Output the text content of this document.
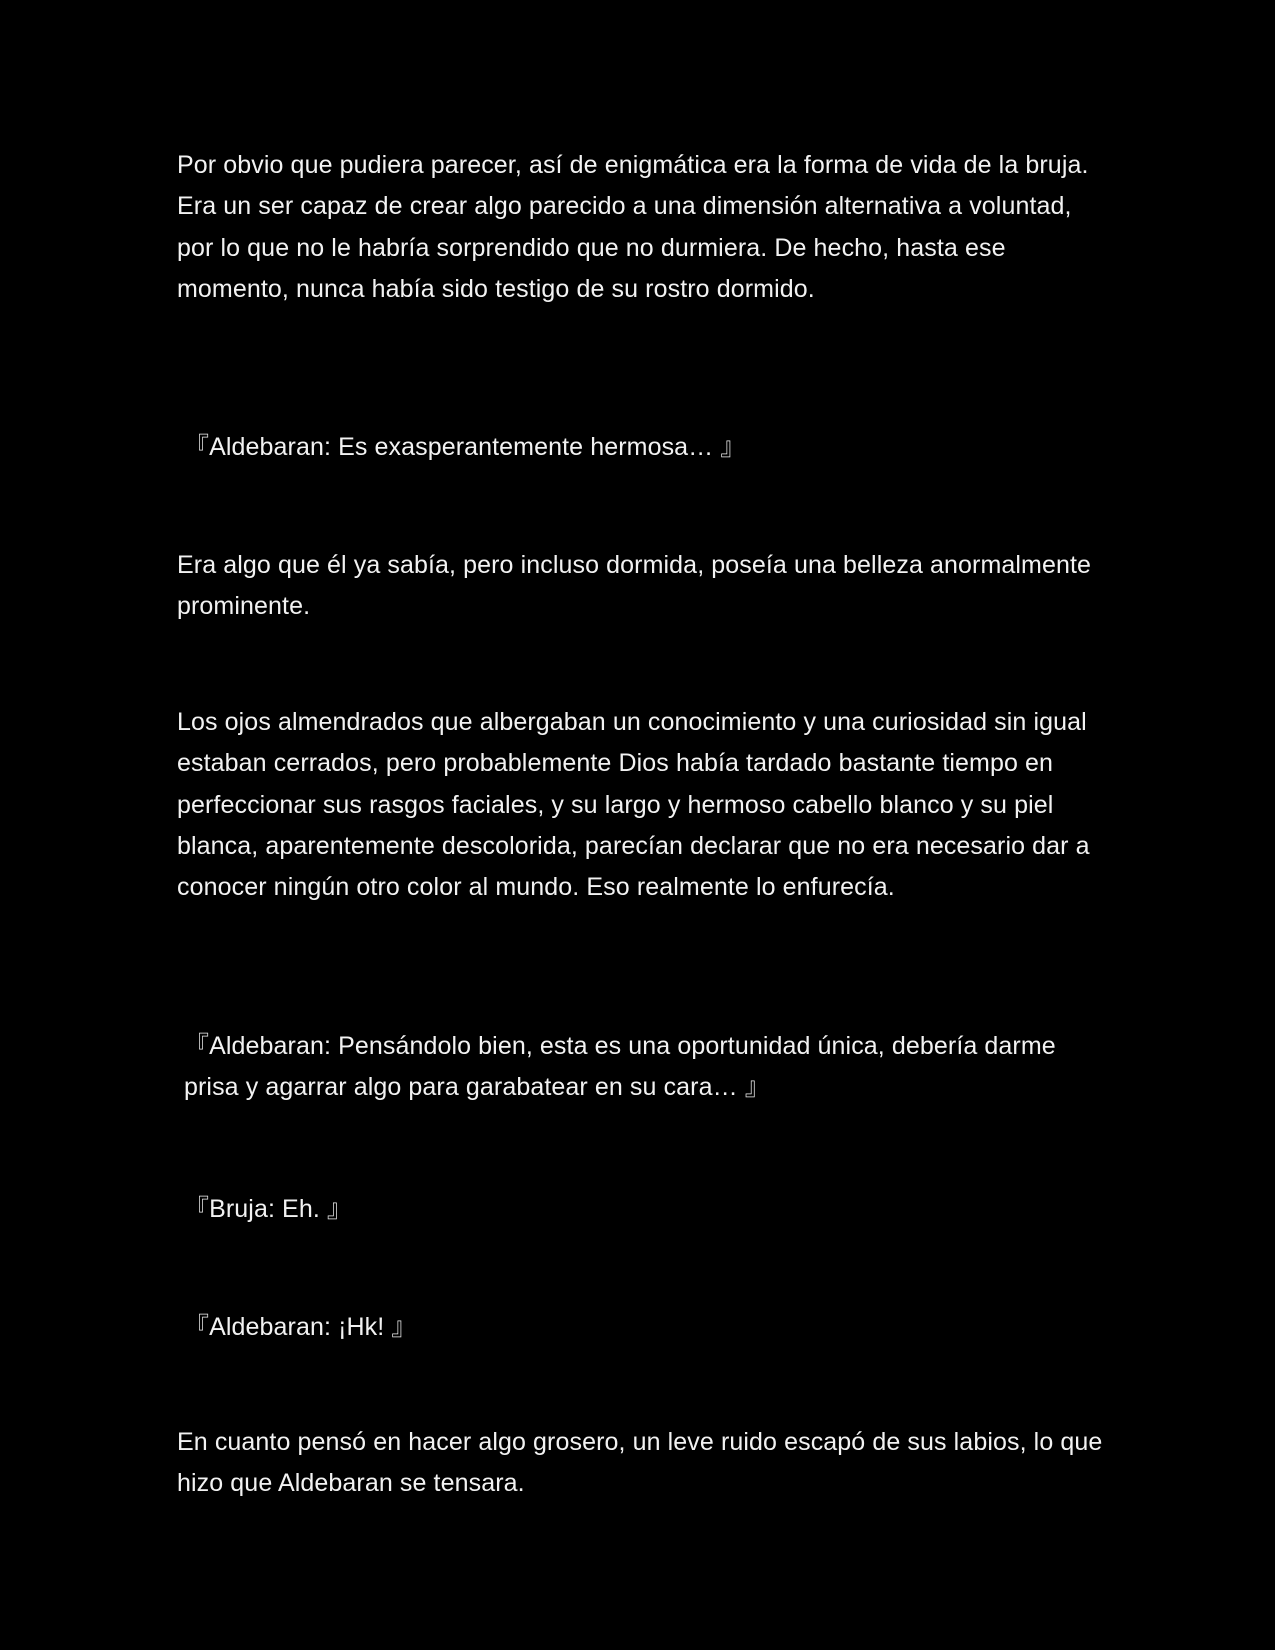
Por obvio que pudiera parecer, así de enigmática era la forma de vida de la bruja. Era un ser capaz de crear algo parecido a una dimensión alternativa a voluntad, por lo que no le habría sorprendido que no durmiera. De hecho, hasta ese momento, nunca había sido testigo de su rostro dormido.

『Aldebaran: Es exasperantemente hermosa… 』

Era algo que él ya sabía, pero incluso dormida, poseía una belleza anormalmente prominente.

Los ojos almendrados que albergaban un conocimiento y una curiosidad sin igual estaban cerrados, pero probablemente Dios había tardado bastante tiempo en perfeccionar sus rasgos faciales, y su largo y hermoso cabello blanco y su piel blanca, aparentemente descolorida, parecían declarar que no era necesario dar a conocer ningún otro color al mundo. Eso realmente lo enfurecía.

『Aldebaran: Pensándolo bien, esta es una oportunidad única, debería darme prisa y agarrar algo para garabatear en su cara… 』

『Bruja: Eh. 』

『Aldebaran: ¡Hk! 』

En cuanto pensó en hacer algo grosero, un leve ruido escapó de sus labios, lo que hizo que Aldebaran se tensara.
